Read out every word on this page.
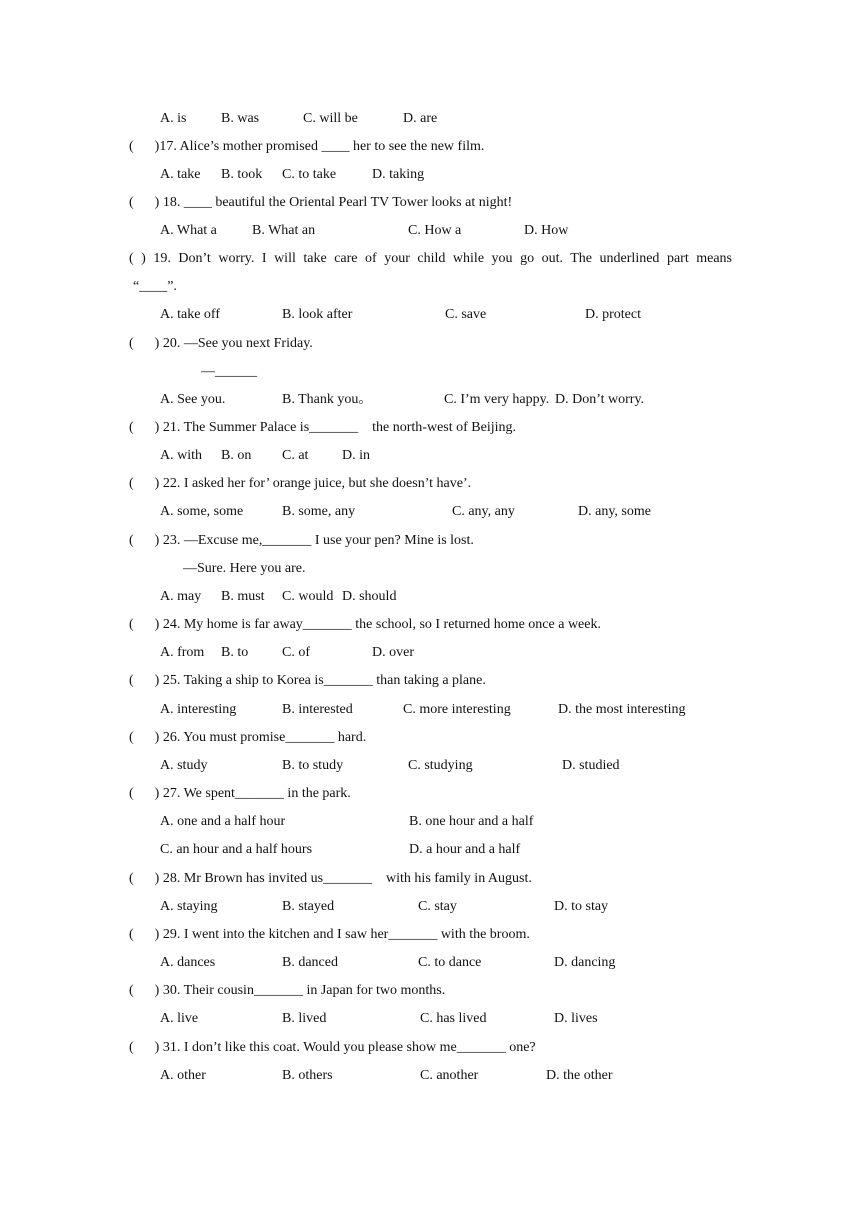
A. is B. was	C. will be	D. are
(      )17. Alice’s mother promised ____ her to see the new film.
A. take B. took C. to take	D. taking
(      ) 18. ____ beautiful the Oriental Pearl TV Tower looks at night!
A. What a	B. What an	C. How a	D. How
( ) 19. Don’t worry. I will take care of your child while you go out. The underlined part means
“____”.
A. take off	B. look after	C. save	D. protect
(      ) 20. —See you next Friday.
—______
A. See you.	B. Thank you。	C. I’m very happy. D. Don’t worry.
(      ) 21. The Summer Palace is_______    the north-west of Beijing.
A. with B. on C. at D. in
(      ) 22. I asked her for’ orange juice, but she doesn’t have’.
A. some, some	B. some, any	C. any, any	D. any, some
(      ) 23. —Excuse me,_______ I use your pen? Mine is lost.
—Sure. Here you are.
A. may B. must C. would D. should
(      ) 24. My home is far away_______ the school, so I returned home once a week.
A. from B. to C. of	D. over
(      ) 25. Taking a ship to Korea is_______ than taking a plane.
A. interesting	B. interested	C. more interesting	D. the most interesting
(      ) 26. You must promise_______ hard.
A. study	B. to study	C. studying	D. studied
(      ) 27. We spent_______ in the park.
A. one and a half hour	B. one hour and a half
C. an hour and a half hours	D. a hour and a half
(      ) 28. Mr Brown has invited us_______    with his family in August.
A. staying	B. stayed	C. stay	D. to stay
(      ) 29. I went into the kitchen and I saw her_______ with the broom.
A. dances	B. danced	C. to dance	D. dancing
(      ) 30. Their cousin_______ in Japan for two months.
A. live	B. lived	C. has lived	D. lives
(      ) 31. I don’t like this coat. Would you please show me_______ one?
A. other	B. others	C. another	D. the other
